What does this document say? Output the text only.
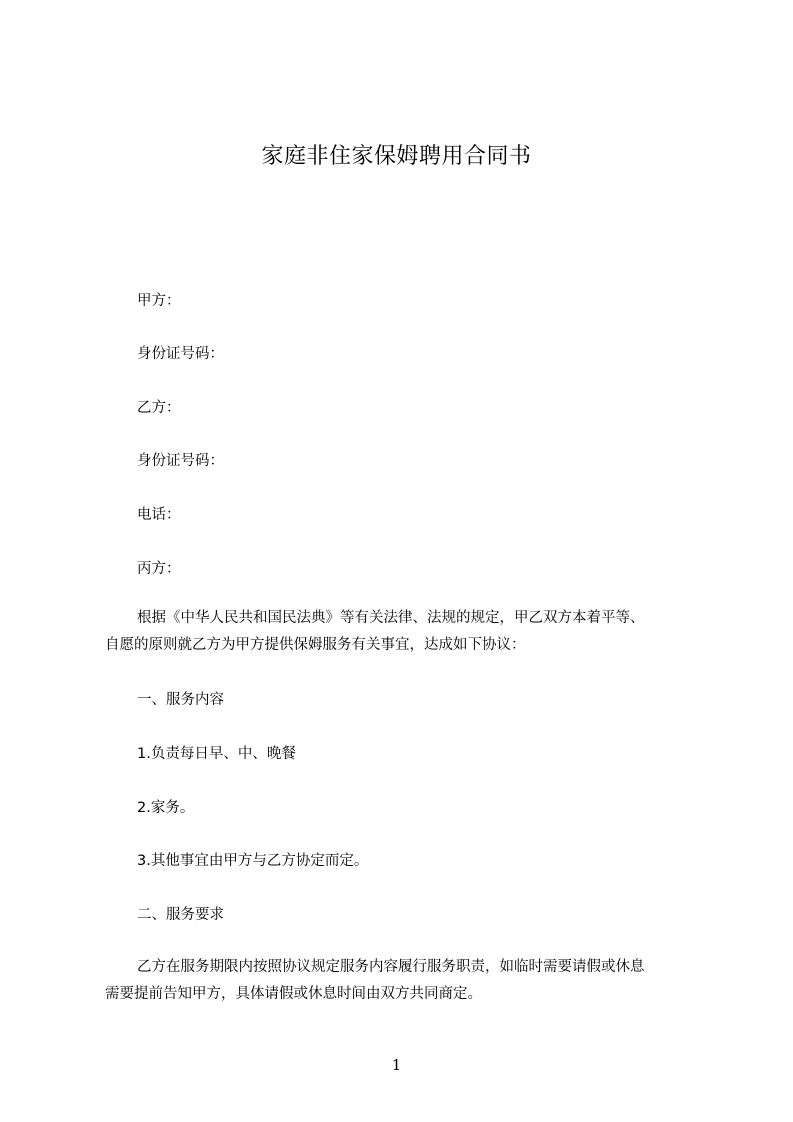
家庭非住家保姆聘用合同书
甲方：
身份证号码：
乙方：
身份证号码：
电话：
丙方：
根据《中华人民共和国民法典》等有关法律、法规的规定，甲乙双方本着平等、
自愿的原则就乙方为甲方提供保姆服务有关事宜，达成如下协议：
一、服务内容
1.负责每日早、中、晚餐
2.家务。
3.其他事宜由甲方与乙方协定而定。
二、服务要求
乙方在服务期限内按照协议规定服务内容履行服务职责，如临时需要请假或休息
需要提前告知甲方，具体请假或休息时间由双方共同商定。
1
